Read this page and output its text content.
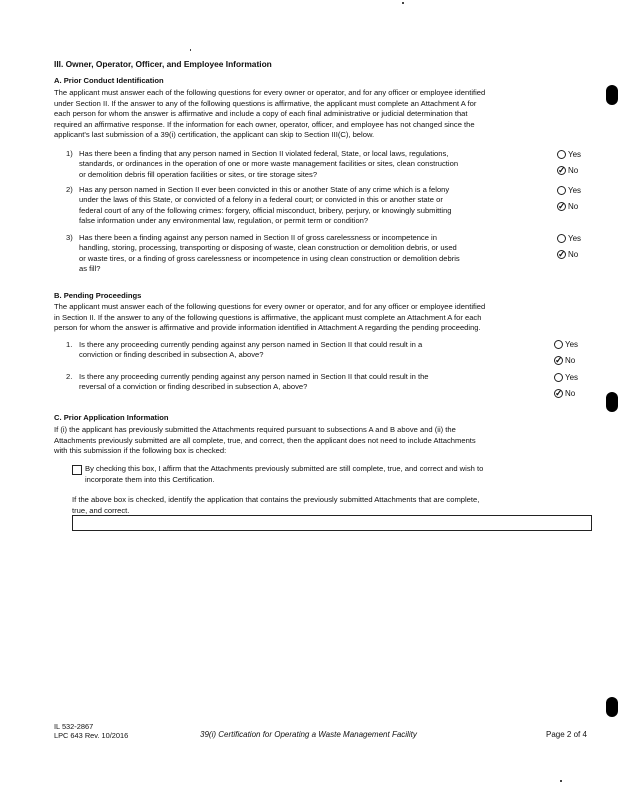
III. Owner, Operator, Officer, and Employee Information
A. Prior Conduct Identification
The applicant must answer each of the following questions for every owner or operator, and for any officer or employee identified
under Section II. If the answer to any of the following questions is affirmative, the applicant must complete an Attachment A for
each person for whom the answer is affirmative and include a copy of each final administrative or judicial determination that
required an affirmative response. If the information for each owner, operator, officer, and employee has not changed since the
applicant's last submission of a 39(i) certification, the applicant can skip to Section III(C), below.
1) Has there been a finding that any person named in Section II violated federal, State, or local laws, regulations,
standards, or ordinances in the operation of one or more waste management facilities or sites, clean construction
or demolition debris fill operation facilities or sites, or tire storage sites?
Yes
✓No
2) Has any person named in Section II ever been convicted in this or another State of any crime which is a felony
under the laws of this State, or convicted of a felony in a federal court; or convicted in this or another state or
federal court of any of the following crimes: forgery, official misconduct, bribery, perjury, or knowingly submitting
false information under any environmental law, regulation, or permit term or condition?
Yes
✓No
3) Has there been a finding against any person named in Section II of gross carelessness or incompetence in
handling, storing, processing, transporting or disposing of waste, clean construction or demolition debris, or used
or waste tires, or a finding of gross carelessness or incompetence in using clean construction or demolition debris
as fill?
Yes
✓No
B. Pending Proceedings
The applicant must answer each of the following questions for every owner or operator, and for any officer or employee identified
in Section II. If the answer to any of the following questions is affirmative, the applicant must complete an Attachment A for each
person for whom the answer is affirmative and provide information identified in Attachment A regarding the pending proceeding.
1. Is there any proceeding currently pending against any person named in Section II that could result in a
conviction or finding described in subsection A, above?
Yes
✓No
2. Is there any proceeding currently pending against any person named in Section II that could result in the
reversal of a conviction or finding described in subsection A, above?
Yes
✓No
C. Prior Application Information
If (i) the applicant has previously submitted the Attachments required pursuant to subsections A and B above and (ii) the
Attachments previously submitted are all complete, true, and correct, then the applicant does not need to include Attachments
with this submission if the following box is checked:
By checking this box, I affirm that the Attachments previously submitted are still complete, true, and correct and wish to
incorporate them into this Certification.
If the above box is checked, identify the application that contains the previously submitted Attachments that are complete,
true, and correct.
IL 532-2867
LPC 643 Rev. 10/2016	39(i) Certification for Operating a Waste Management Facility	Page 2 of 4
